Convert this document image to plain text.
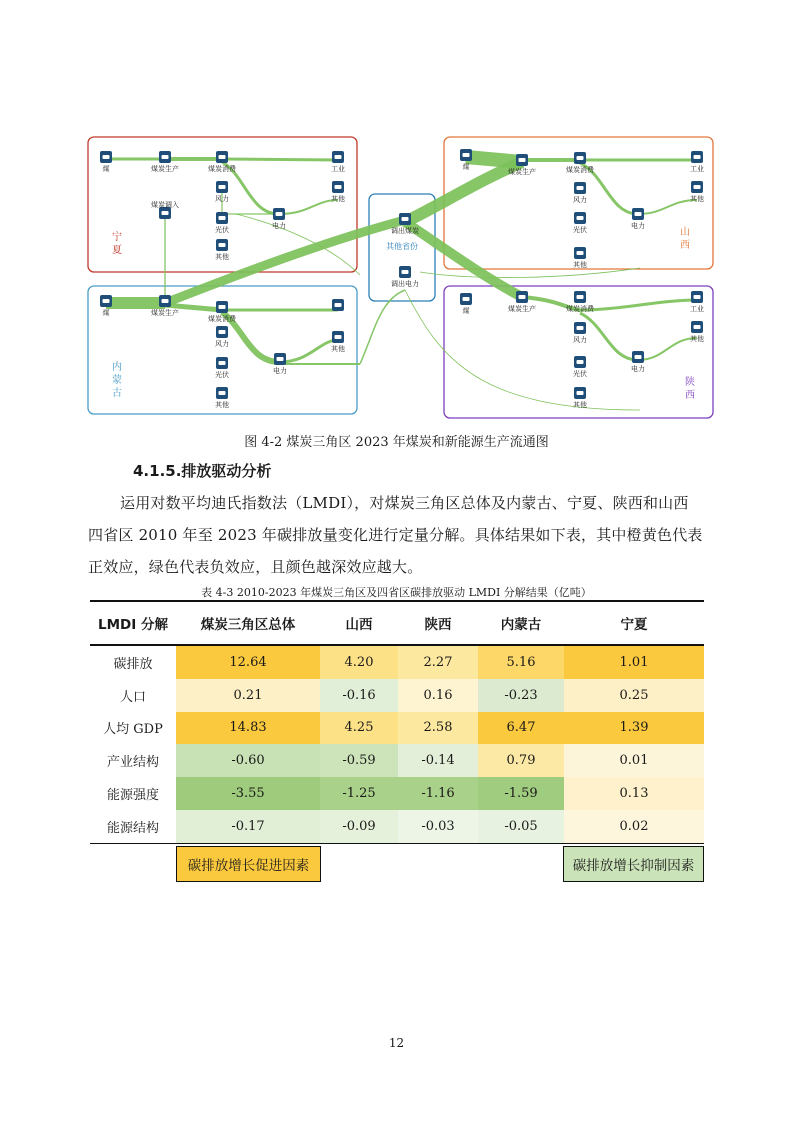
煤	煤炭生产	煤炭消费
煤炭调入
风力
光伏
其他
电力
工业
其他
宁
夏
煤
煤炭生产	煤炭消费
风力
光伏
其他
电力
工业
其他
山
西
煤	煤炭生产
煤炭消费
风力
光伏
其他
电力
其他
内
蒙
古
煤	煤炭生产	煤炭消费
风力
光伏
其他
电力
工业
其他
陕
西
调出煤炭
其他省份
调出电力
图 4-2 煤炭三角区 2023 年煤炭和新能源生产流通图
4.1.5.排放驱动分析
运用对数平均迪氏指数法（LMDI），对煤炭三角区总体及内蒙古、宁夏、陕西和山西
四省区 2010 年至 2023 年碳排放量变化进行定量分解。具体结果如下表，其中橙黄色代表
正效应，绿色代表负效应，且颜色越深效应越大。
表 4-3 2010-2023 年煤炭三角区及四省区碳排放驱动 LMDI 分解结果（亿吨）
LMDI 分解	煤炭三角区总体	山西	陕西	内蒙古	宁夏
碳排放	12.64	4.20	2.27	5.16	1.01
人口	0.21	-0.16	0.16	-0.23	0.25
人均 GDP	14.83	4.25	2.58	6.47	1.39
产业结构	-0.60	-0.59	-0.14	0.79	0.01
能源强度	-3.55	-1.25	-1.16	-1.59	0.13
能源结构	-0.17	-0.09	-0.03	-0.05	0.02
碳排放增长促进因素	碳排放增长抑制因素
12
